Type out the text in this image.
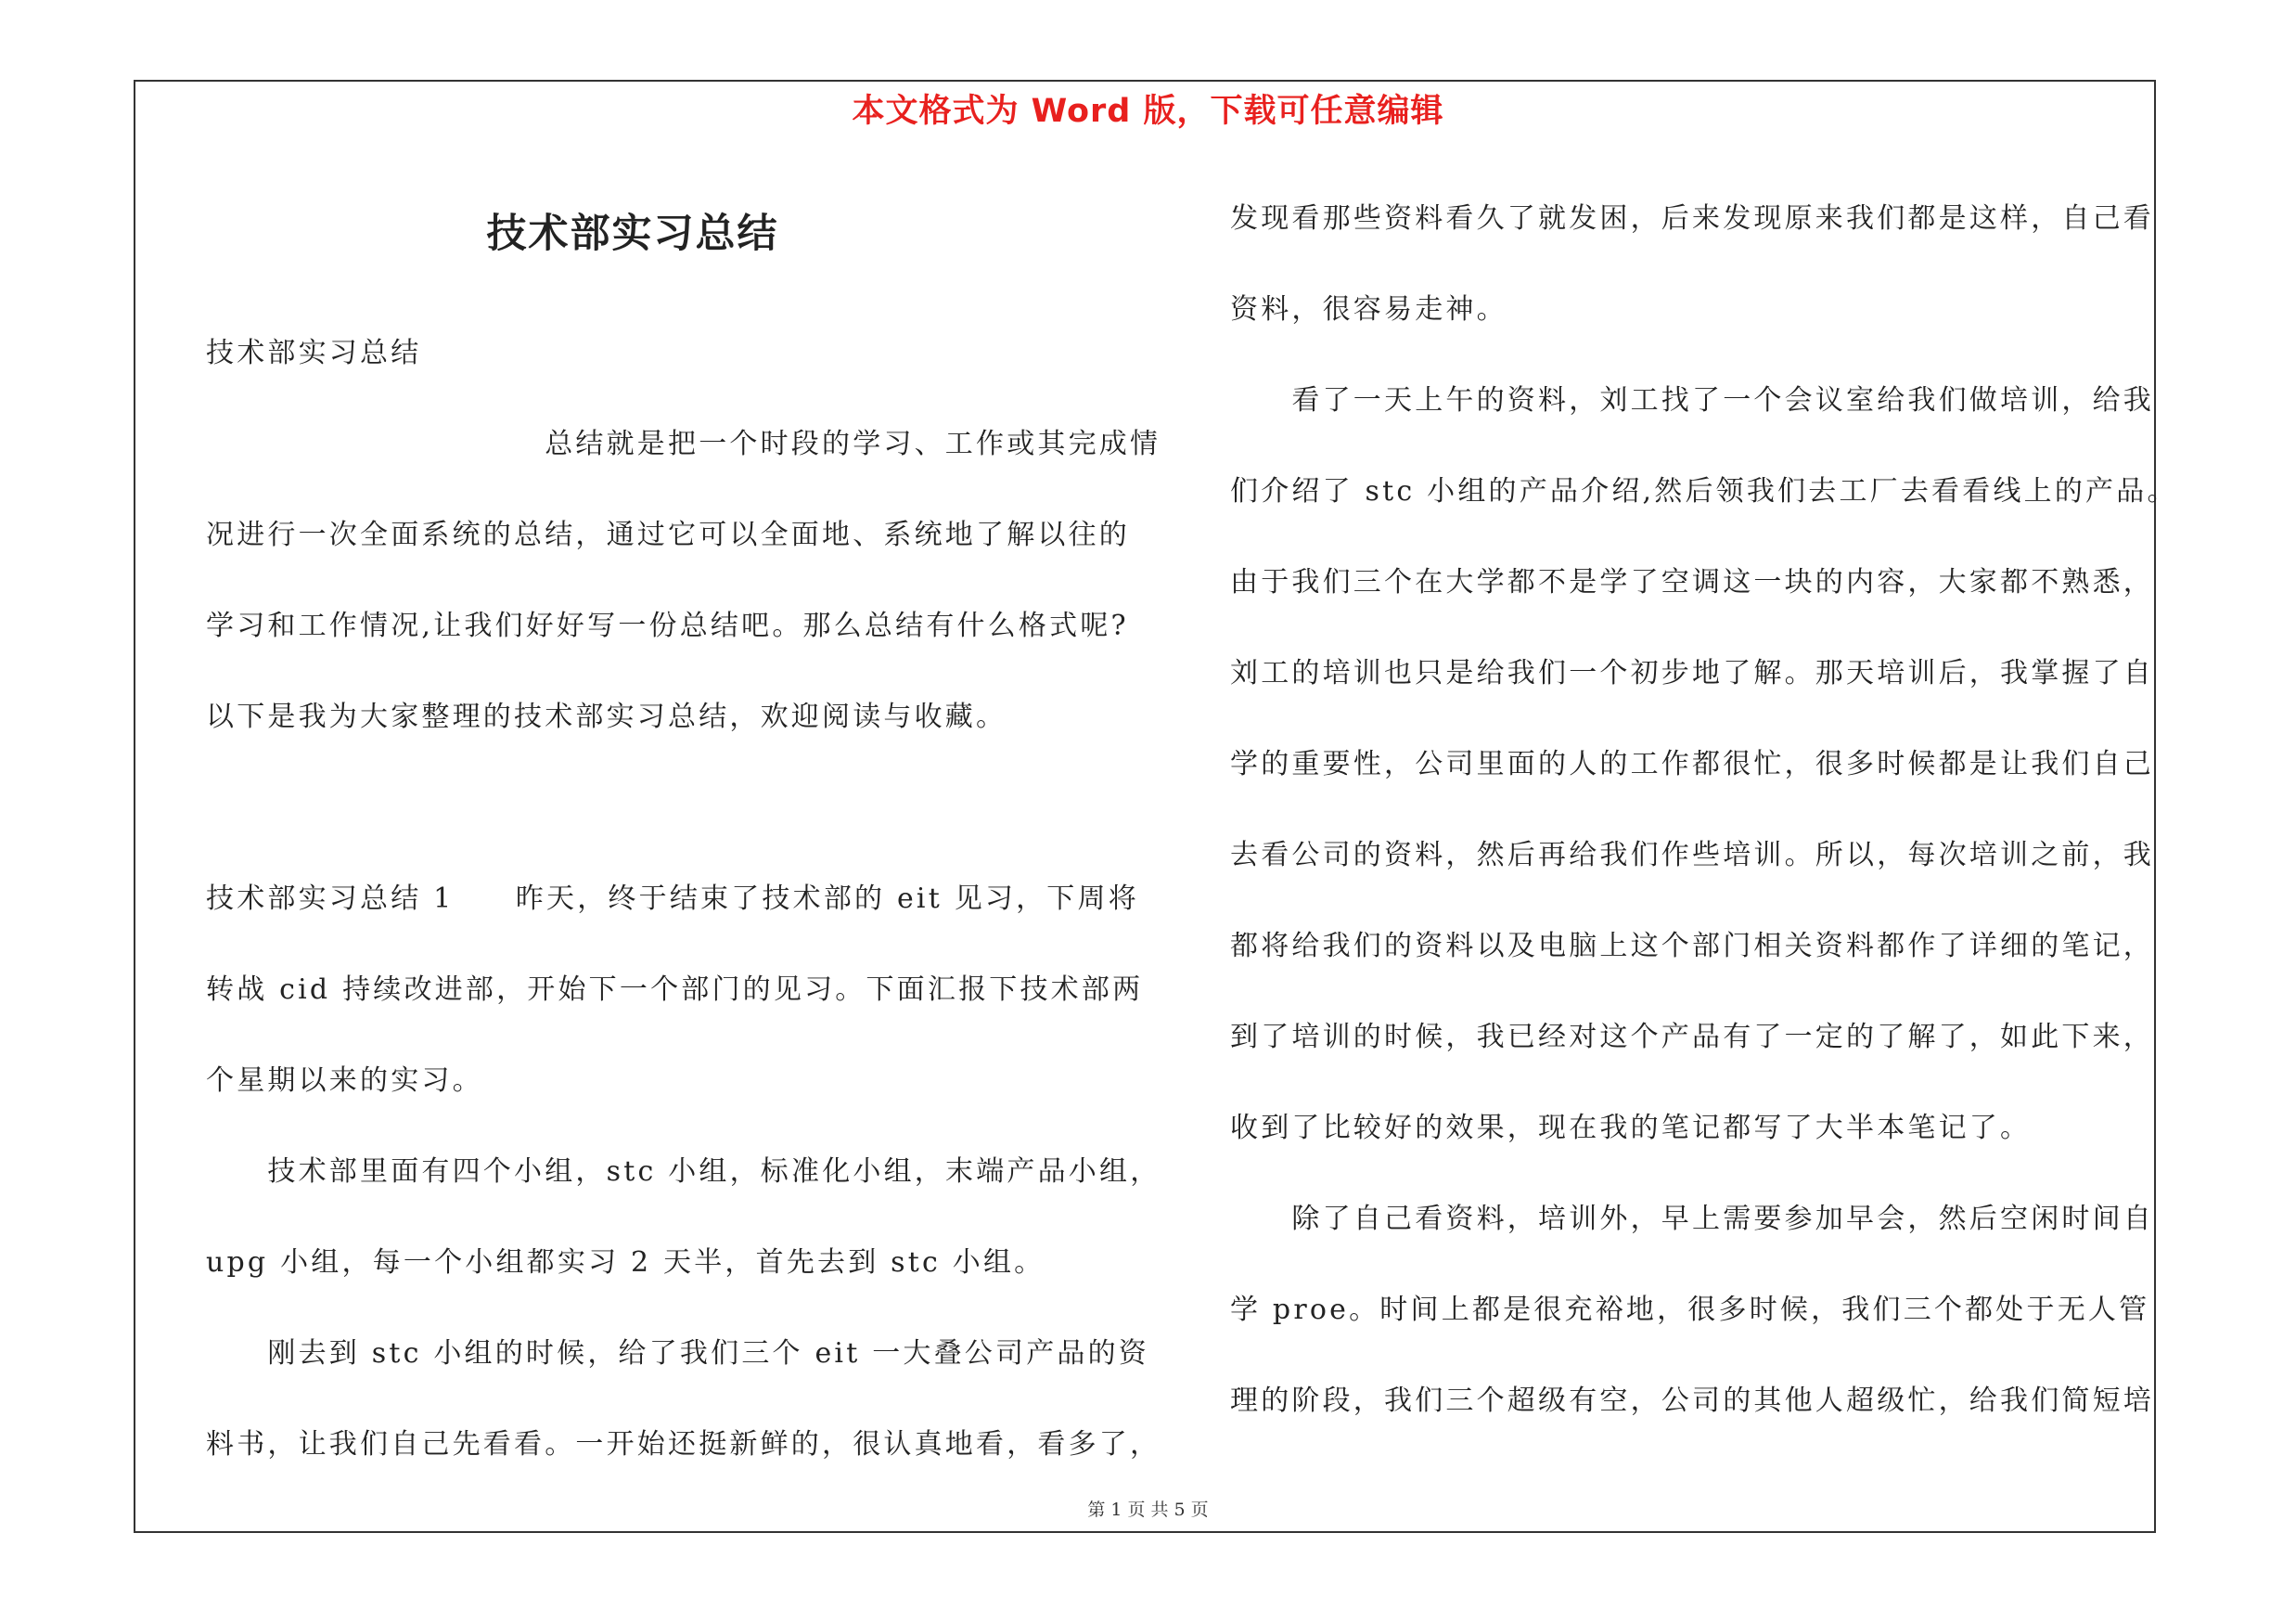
本文格式为 Word 版，下载可任意编辑
技术部实习总结
技术部实习总结
　　　　　　　　　　　总结就是把一个时段的学习、工作或其完成情
况进行一次全面系统的总结，通过它可以全面地、系统地了解以往的
学习和工作情况,让我们好好写一份总结吧。那么总结有什么格式呢?
以下是我为大家整理的技术部实习总结，欢迎阅读与收藏。
技术部实习总结 1　　昨天，终于结束了技术部的 eit 见习，下周将
转战 cid 持续改进部，开始下一个部门的见习。下面汇报下技术部两
个星期以来的实习。
　　技术部里面有四个小组，stc 小组，标准化小组，末端产品小组，
upg 小组，每一个小组都实习 2 天半，首先去到 stc 小组。
　　刚去到 stc 小组的时候，给了我们三个 eit 一大叠公司产品的资
料书，让我们自己先看看。一开始还挺新鲜的，很认真地看，看多了，
发现看那些资料看久了就发困，后来发现原来我们都是这样，自己看
资料，很容易走神。
　　看了一天上午的资料，刘工找了一个会议室给我们做培训，给我
们介绍了 stc 小组的产品介绍,然后领我们去工厂去看看线上的产品。
由于我们三个在大学都不是学了空调这一块的内容，大家都不熟悉，
刘工的培训也只是给我们一个初步地了解。那天培训后，我掌握了自
学的重要性，公司里面的人的工作都很忙，很多时候都是让我们自己
去看公司的资料，然后再给我们作些培训。所以，每次培训之前，我
都将给我们的资料以及电脑上这个部门相关资料都作了详细的笔记，
到了培训的时候，我已经对这个产品有了一定的了解了，如此下来，
收到了比较好的效果，现在我的笔记都写了大半本笔记了。
　　除了自己看资料，培训外，早上需要参加早会，然后空闲时间自
学 proe。时间上都是很充裕地，很多时候，我们三个都处于无人管
理的阶段，我们三个超级有空，公司的其他人超级忙，给我们简短培
第 1 页 共 5 页
